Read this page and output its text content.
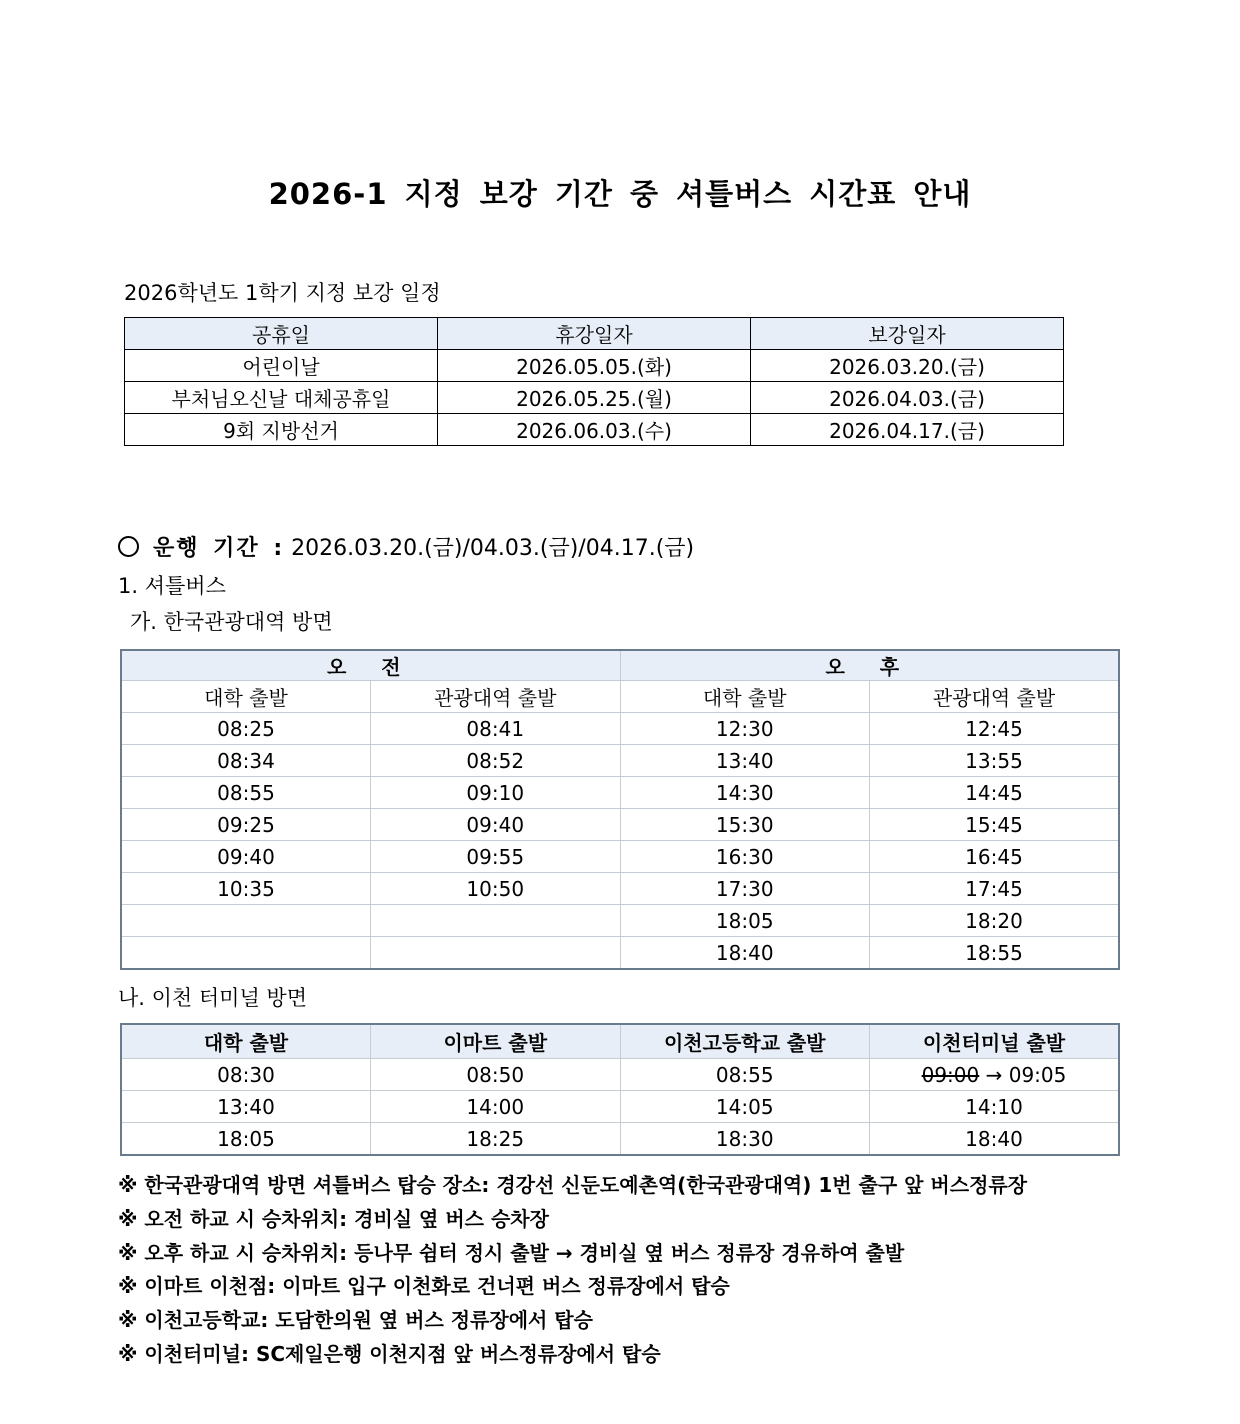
2026-1 지정 보강 기간 중 셔틀버스 시간표 안내
2026학년도 1학기 지정 보강 일정
공휴일	휴강일자	보강일자
어린이날	2026.05.05.(화)	2026.03.20.(금)
부처님오신날 대체공휴일	2026.05.25.(월)	2026.04.03.(금)
9회 지방선거	2026.06.03.(수)	2026.04.17.(금)
운행 기간 : 2026.03.20.(금)/04.03.(금)/04.17.(금)
1. 셔틀버스
가. 한국관광대역 방면
오 전		오 후	
대학 출발	관광대역 출발	대학 출발	관광대역 출발
08:25	08:41	12:30	12:45
08:34	08:52	13:40	13:55
08:55	09:10	14:30	14:45
09:25	09:40	15:30	15:45
09:40	09:55	16:30	16:45
10:35	10:50	17:30	17:45
		18:05	18:20
		18:40	18:55
나. 이천 터미널 방면
대학 출발	이마트 출발	이천고등학교 출발	이천터미널 출발
08:30	08:50	08:55	09:00 → 09:05
13:40	14:00	14:05	14:10
18:05	18:25	18:30	18:40
※ 한국관광대역 방면 셔틀버스 탑승 장소: 경강선 신둔도예촌역(한국관광대역) 1번 출구 앞 버스정류장
※ 오전 하교 시 승차위치: 경비실 옆 버스 승차장
※ 오후 하교 시 승차위치: 등나무 쉼터 정시 출발 → 경비실 옆 버스 정류장 경유하여 출발
※ 이마트 이천점: 이마트 입구 이천화로 건너편 버스 정류장에서 탑승
※ 이천고등학교: 도담한의원 옆 버스 정류장에서 탑승
※ 이천터미널: SC제일은행 이천지점 앞 버스정류장에서 탑승
